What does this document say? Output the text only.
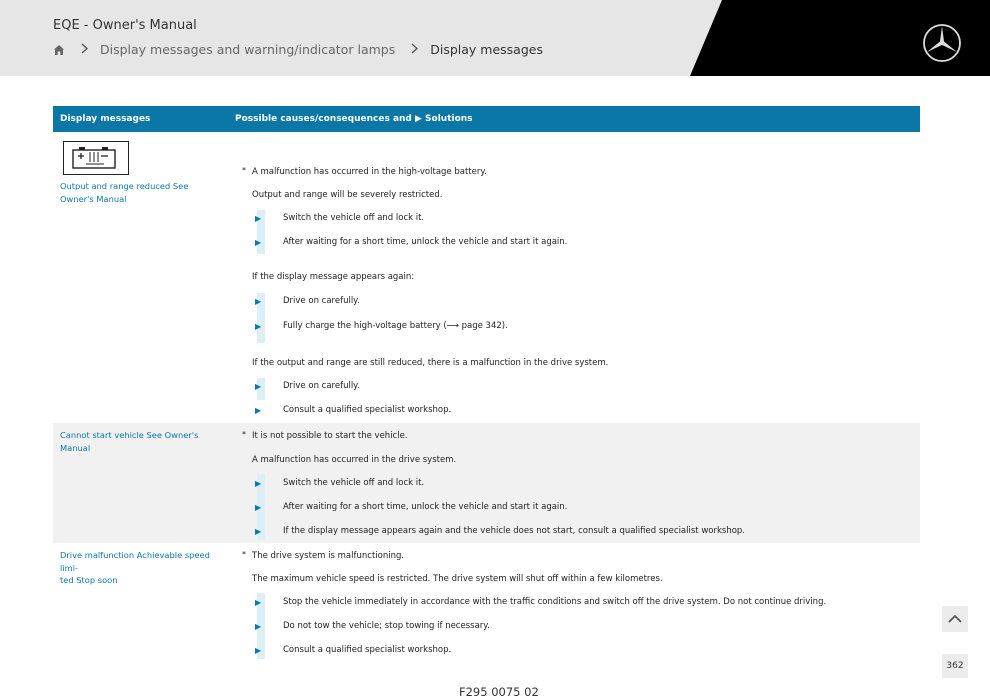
EQE - Owner's Manual
Display messages and warning/indicator lamps	Display messages
Display messages	Possible causes/consequences and ▶ Solutions
Output and range reduced See Owner's Manual
* A malfunction has occurred in the high-voltage battery.
Output and range will be severely restricted.
▶	Switch the vehicle off and lock it.
▶	After waiting for a short time, unlock the vehicle and start it again.
If the display message appears again:
▶	Drive on carefully.
▶	Fully charge the high-voltage battery (⟶ page 342).
If the output and range are still reduced, there is a malfunction in the drive system.
▶	Drive on carefully.
▶	Consult a qualified specialist workshop.
Cannot start vehicle See Owner's Manual
* It is not possible to start the vehicle.
A malfunction has occurred in the drive system.
▶	Switch the vehicle off and lock it.
▶	After waiting for a short time, unlock the vehicle and start it again.
▶	If the display message appears again and the vehicle does not start, consult a qualified specialist workshop.
Drive malfunction Achievable speed limi-
ted Stop soon
* The drive system is malfunctioning.
The maximum vehicle speed is restricted. The drive system will shut off within a few kilometres.
▶	Stop the vehicle immediately in accordance with the traffic conditions and switch off the drive system. Do not continue driving.
▶	Do not tow the vehicle; stop towing if necessary.
▶	Consult a qualified specialist workshop.
362
F295 0075 02
